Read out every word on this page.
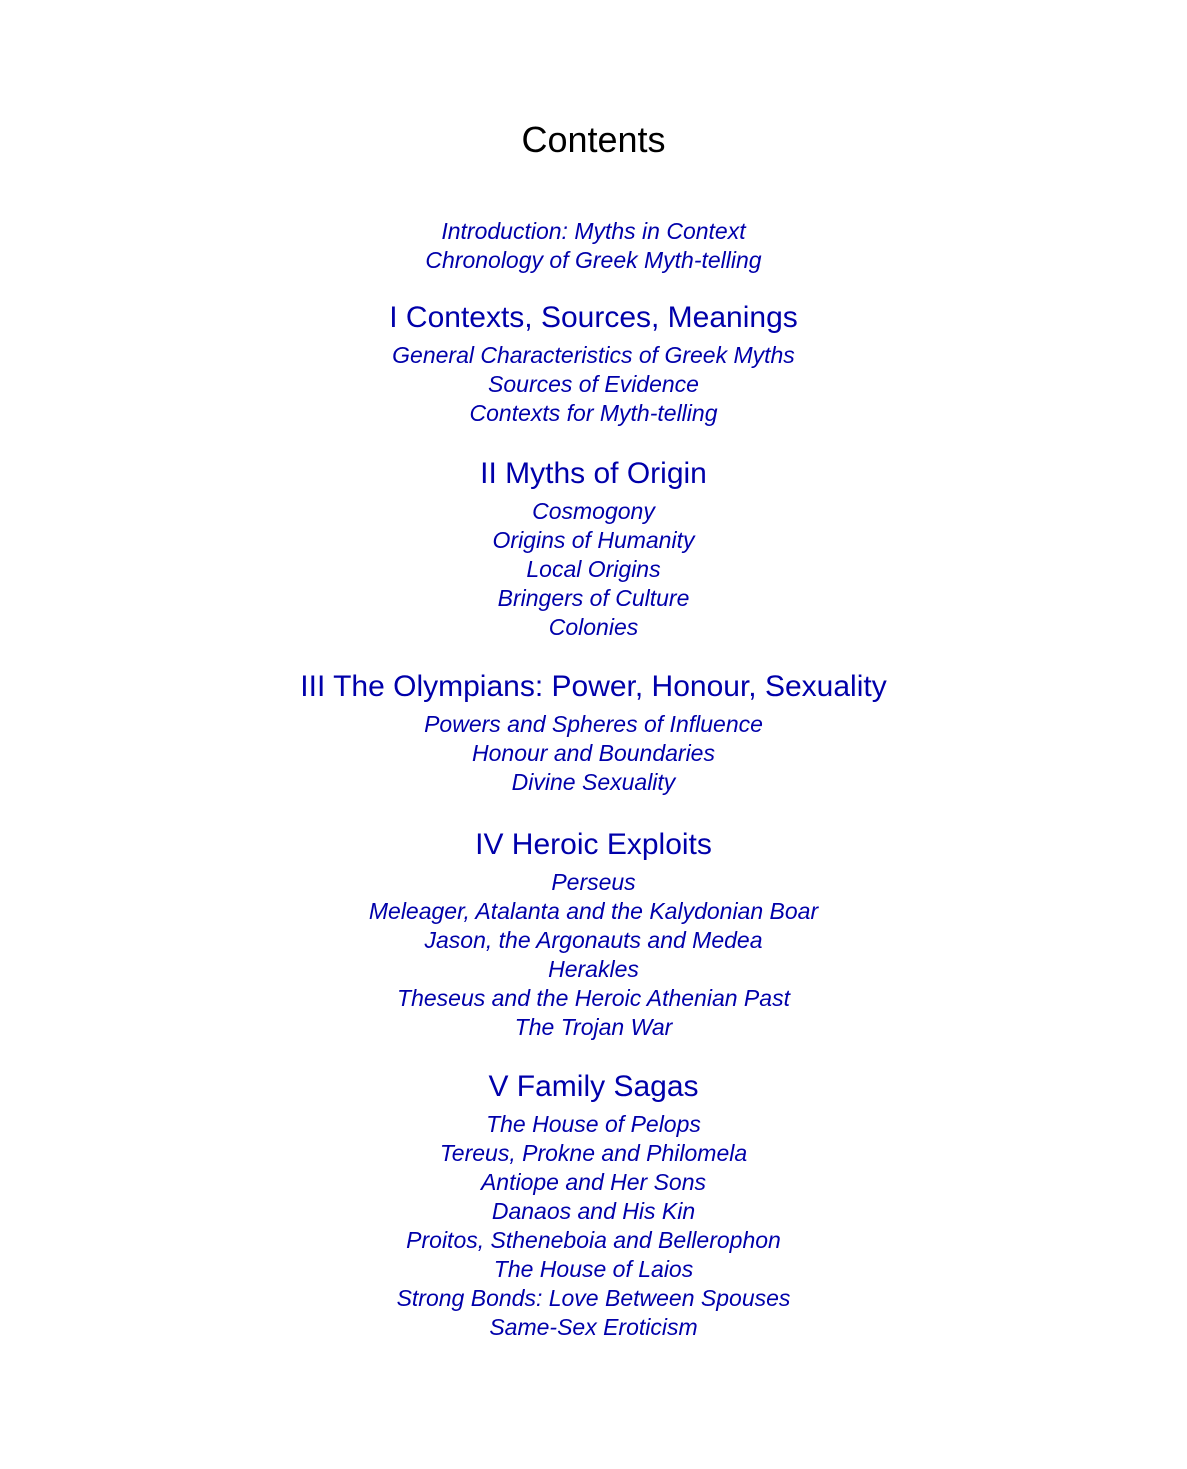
Contents
Introduction: Myths in Context
Chronology of Greek Myth-telling
I Contexts, Sources, Meanings
General Characteristics of Greek Myths
Sources of Evidence
Contexts for Myth-telling
II Myths of Origin
Cosmogony
Origins of Humanity
Local Origins
Bringers of Culture
Colonies
III The Olympians: Power, Honour, Sexuality
Powers and Spheres of Influence
Honour and Boundaries
Divine Sexuality
IV Heroic Exploits
Perseus
Meleager, Atalanta and the Kalydonian Boar
Jason, the Argonauts and Medea
Herakles
Theseus and the Heroic Athenian Past
The Trojan War
V Family Sagas
The House of Pelops
Tereus, Prokne and Philomela
Antiope and Her Sons
Danaos and His Kin
Proitos, Stheneboia and Bellerophon
The House of Laios
Strong Bonds: Love Between Spouses
Same-Sex Eroticism
